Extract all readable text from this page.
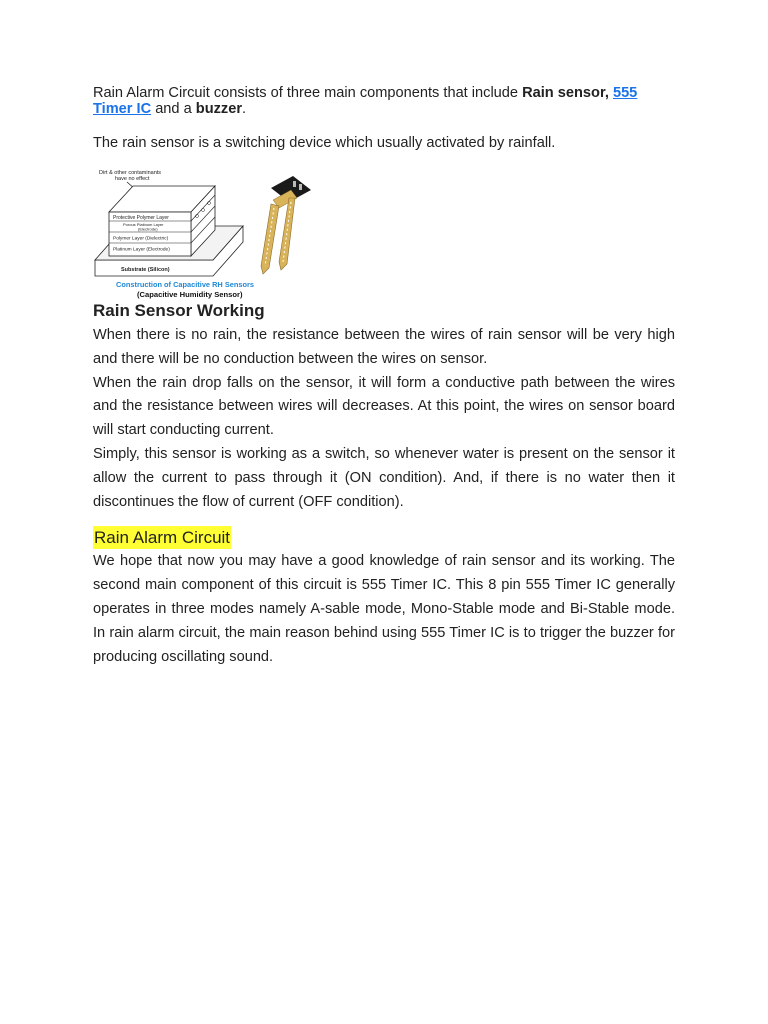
Rain Alarm Circuit consists of three main components that include Rain sensor, 555 Timer IC and a buzzer.

The rain sensor is a switching device which usually activated by rainfall.

Dirt & other contaminants
have no effect
Substrate (Silicon)
Protective Polymer Layer
Porous Platinum Layer
(Electrode)
Polymer Layer (Dielectric)
Platinum Layer (Electrode)
Construction of Capacitive RH Sensors
(Capacitive Humidity Sensor)
Rain Sensor Working

When there is no rain, the resistance between the wires of rain sensor will be very high and there will be no conduction between the wires on sensor.

When the rain drop falls on the sensor, it will form a conductive path between the wires and the resistance between wires will decreases. At this point, the wires on sensor board will start conducting current.

Simply, this sensor is working as a switch, so whenever water is present on the sensor it allow the current to pass through it (ON condition). And, if there is no water then it discontinues the flow of current (OFF condition).

Rain Alarm Circuit

We hope that now you may have a good knowledge of rain sensor and its working. The second main component of this circuit is 555 Timer IC. This 8 pin 555 Timer IC generally operates in three modes namely A-sable mode, Mono-Stable mode and Bi-Stable mode. In rain alarm circuit, the main reason behind using 555 Timer IC is to trigger the buzzer for producing oscillating sound.
